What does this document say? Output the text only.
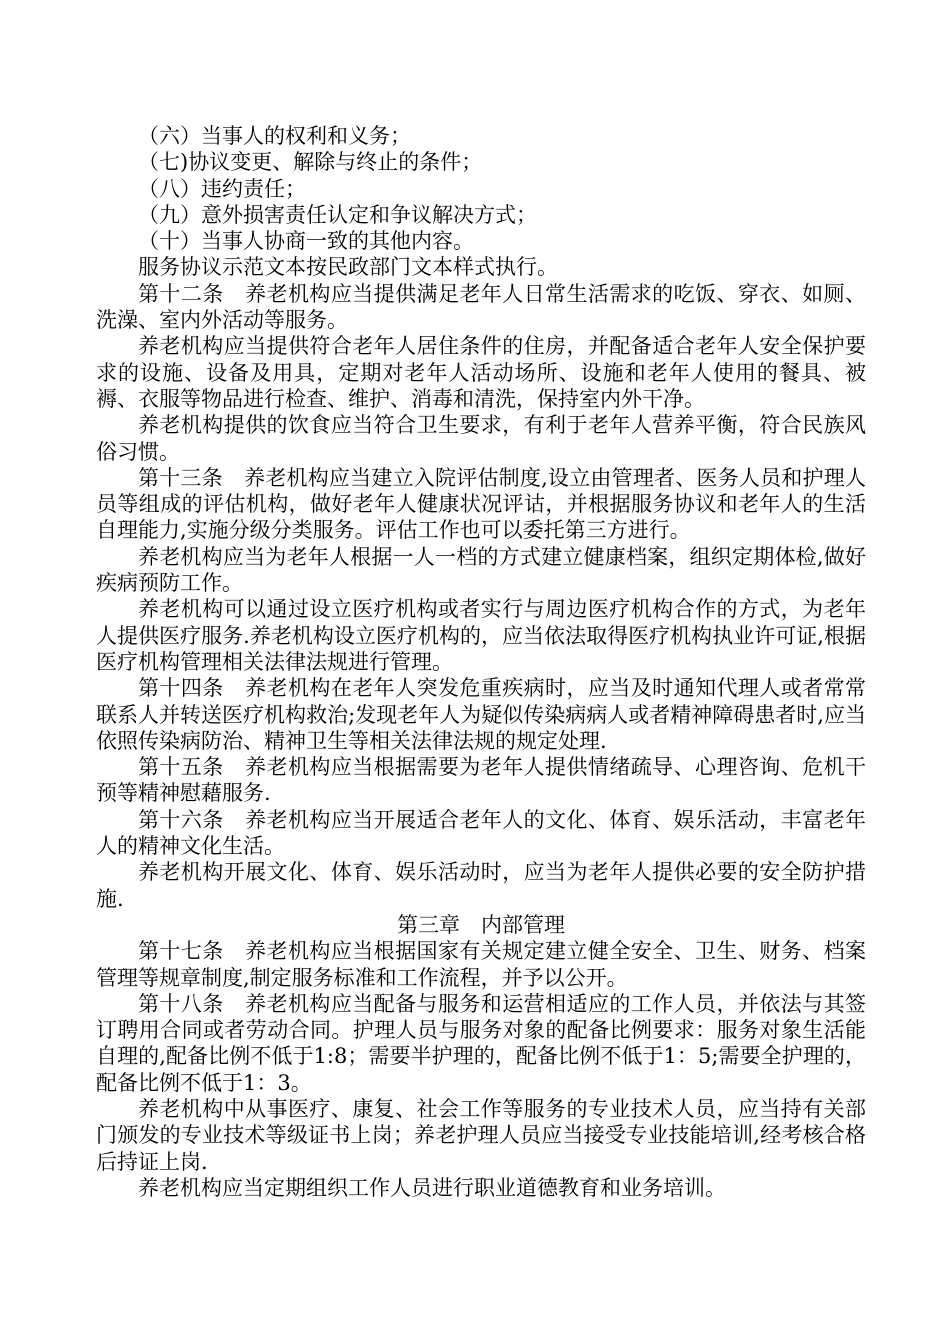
（六）当事人的权利和义务；

（七)协议变更、解除与终止的条件；

（八）违约责任；

（九）意外损害责任认定和争议解决方式；

（十）当事人协商一致的其他内容。

服务协议示范文本按民政部门文本样式执行。

第十二条　养老机构应当提供满足老年人日常生活需求的吃饭、穿衣、如厕、洗澡、室内外活动等服务。

养老机构应当提供符合老年人居住条件的住房，并配备适合老年人安全保护要求的设施、设备及用具，定期对老年人活动场所、设施和老年人使用的餐具、被褥、衣服等物品进行检查、维护、消毒和清洗，保持室内外干净。

养老机构提供的饮食应当符合卫生要求，有利于老年人营养平衡，符合民族风俗习惯。

第十三条　养老机构应当建立入院评估制度,设立由管理者、医务人员和护理人员等组成的评估机构，做好老年人健康状况评诂，并根据服务协议和老年人的生活自理能力,实施分级分类服务。评估工作也可以委托第三方进行。

养老机构应当为老年人根据一人一档的方式建立健康档案，组织定期体检,做好疾病预防工作。

养老机构可以通过设立医疗机构或者实行与周边医疗机构合作的方式，为老年人提供医疗服务.养老机构设立医疗机构的，应当依法取得医疗机构执业许可证,根据医疗机构管理相关法律法规进行管理。

第十四条　养老机构在老年人突发危重疾病时，应当及时通知代理人或者常常联系人并转送医疗机构救治;发现老年人为疑似传染病病人或者精神障碍患者时,应当依照传染病防治、精神卫生等相关法律法规的规定处理.

第十五条　养老机构应当根据需要为老年人提供情绪疏导、心理咨询、危机干预等精神慰藉服务.

第十六条　养老机构应当开展适合老年人的文化、体育、娱乐活动，丰富老年人的精神文化生活。

养老机构开展文化、体育、娱乐活动时，应当为老年人提供必要的安全防护措施.

第三章　内部管理

第十七条　养老机构应当根据国家有关规定建立健全安全、卫生、财务、档案管理等规章制度,制定服务标准和工作流程，并予以公开。

第十八条　养老机构应当配备与服务和运营相适应的工作人员，并依法与其签订聘用合同或者劳动合同。护理人员与服务对象的配备比例要求：服务对象生活能自理的,配备比例不低于1:8；需要半护理的，配备比例不低于1：5;需要全护理的，配备比例不低于1：3。

养老机构中从事医疗、康复、社会工作等服务的专业技术人员，应当持有关部门颁发的专业技术等级证书上岗；养老护理人员应当接受专业技能培训,经考核合格后持证上岗.

养老机构应当定期组织工作人员进行职业道德教育和业务培训。
